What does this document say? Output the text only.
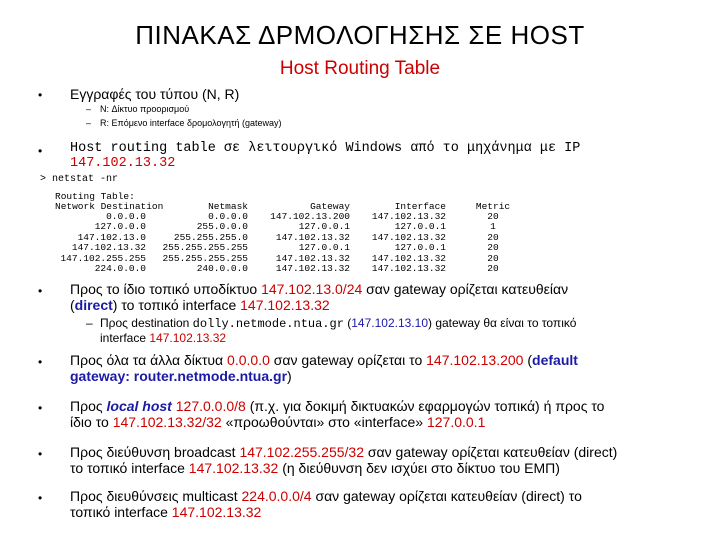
ΠΙΝΑΚΑΣ ΔΡΜΟΛΟΓΗΣΗΣ ΣΕ HOST
Host Routing Table
• Εγγραφές του τύπου (N, R)
– N: Δίκτυο προορισμού
– R: Επόμενο interface δρομολογητή (gateway)
• Host routing table σε λειτουργικό Windows από το μηχάνημα με IP
147.102.13.32
> netstat -nr
Routing Table:
Network Destination	Netmask	Gateway	Interface	Metric
0.0.0.0	0.0.0.0	147.102.13.200	147.102.13.32	20
127.0.0.0	255.0.0.0	127.0.0.1	127.0.0.1	1
147.102.13.0	255.255.255.0	147.102.13.32	147.102.13.32	20
147.102.13.32 255.255.255.255	127.0.0.1	127.0.0.1	20
147.102.255.255 255.255.255.255	147.102.13.32	147.102.13.32	20
224.0.0.0	240.0.0.0	147.102.13.32	147.102.13.32	20
• Προς το ίδιο τοπικό υποδίκτυο 147.102.13.0/24 σαν gateway ορίζεται κατευθείαν
(direct) το τοπικό interface 147.102.13.32
– Προς destination dolly.netmode.ntua.gr (147.102.13.10) gateway θα είναι το τοπικό
interface 147.102.13.32
• Προς όλα τα άλλα δίκτυα 0.0.0.0 σαν gateway ορίζεται το 147.102.13.200 (default
gateway: router.netmode.ntua.gr)
• Προς local host 127.0.0.0/8 (π.χ. για δοκιμή δικτυακών εφαρμογών τοπικά) ή προς το
ίδιο το 147.102.13.32/32 «προωθούνται» στο «interface» 127.0.0.1
• Προς διεύθυνση broadcast 147.102.255.255/32 σαν gateway ορίζεται κατευθείαν (direct)
το τοπικό interface 147.102.13.32 (η διεύθυνση δεν ισχύει στο δίκτυο του ΕΜΠ)
• Προς διευθύνσεις multicast 224.0.0.0/4 σαν gateway ορίζεται κατευθείαν (direct) το
τοπικό interface 147.102.13.32
